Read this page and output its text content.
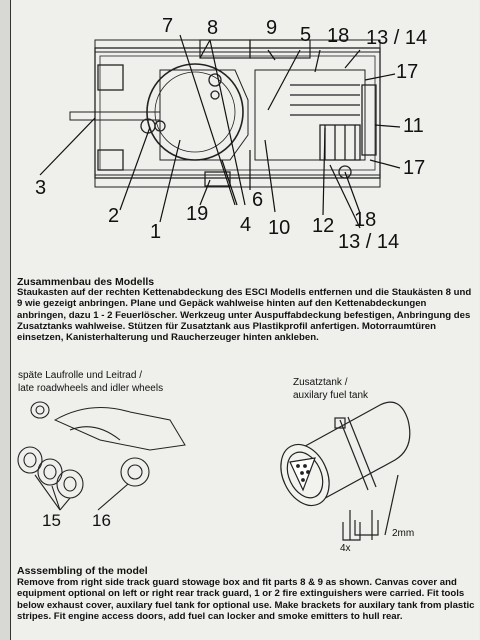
3
2
1
19 4
6
10 12 18
13 / 14
7 8 9 5 18 13 / 14
17
11
17
Zusammenbau des Modells
Staukasten auf der rechten Kettenabdeckung des ESCI Modells entfernen und die Staukästen 8 und 9 wie gezeigt anbringen. Plane und Gepäck wahlweise hinten auf den Kettenabdeckungen anbringen, dazu 1 - 2 Feuerlöscher. Werkzeug unter Auspuffabdeckung befestigen, Anbringung des Zusatztanks wahlweise. Stützen für Zusatztank aus Plastikprofil anfertigen. Motorraumtüren einsetzen, Kanisterhalterung und Raucherzeuger hinten ankleben.
späte Laufrolle und Leitrad /
late roadwheels and idler wheels
15 16
Zusatztank /
auxilary fuel tank
4x
2mm
Asssembling of the model
Remove from right side track guard stowage box and fit parts 8 & 9 as shown. Canvas cover and equipment optional on left or right rear track guard, 1 or 2 fire extinguishers were carried. Fit tools below exhaust cover, auxilary fuel tank for optional use. Make brackets for auxilary tank from plastic stripes. Fit engine access doors, add fuel can locker and smoke emitters to hull rear.
